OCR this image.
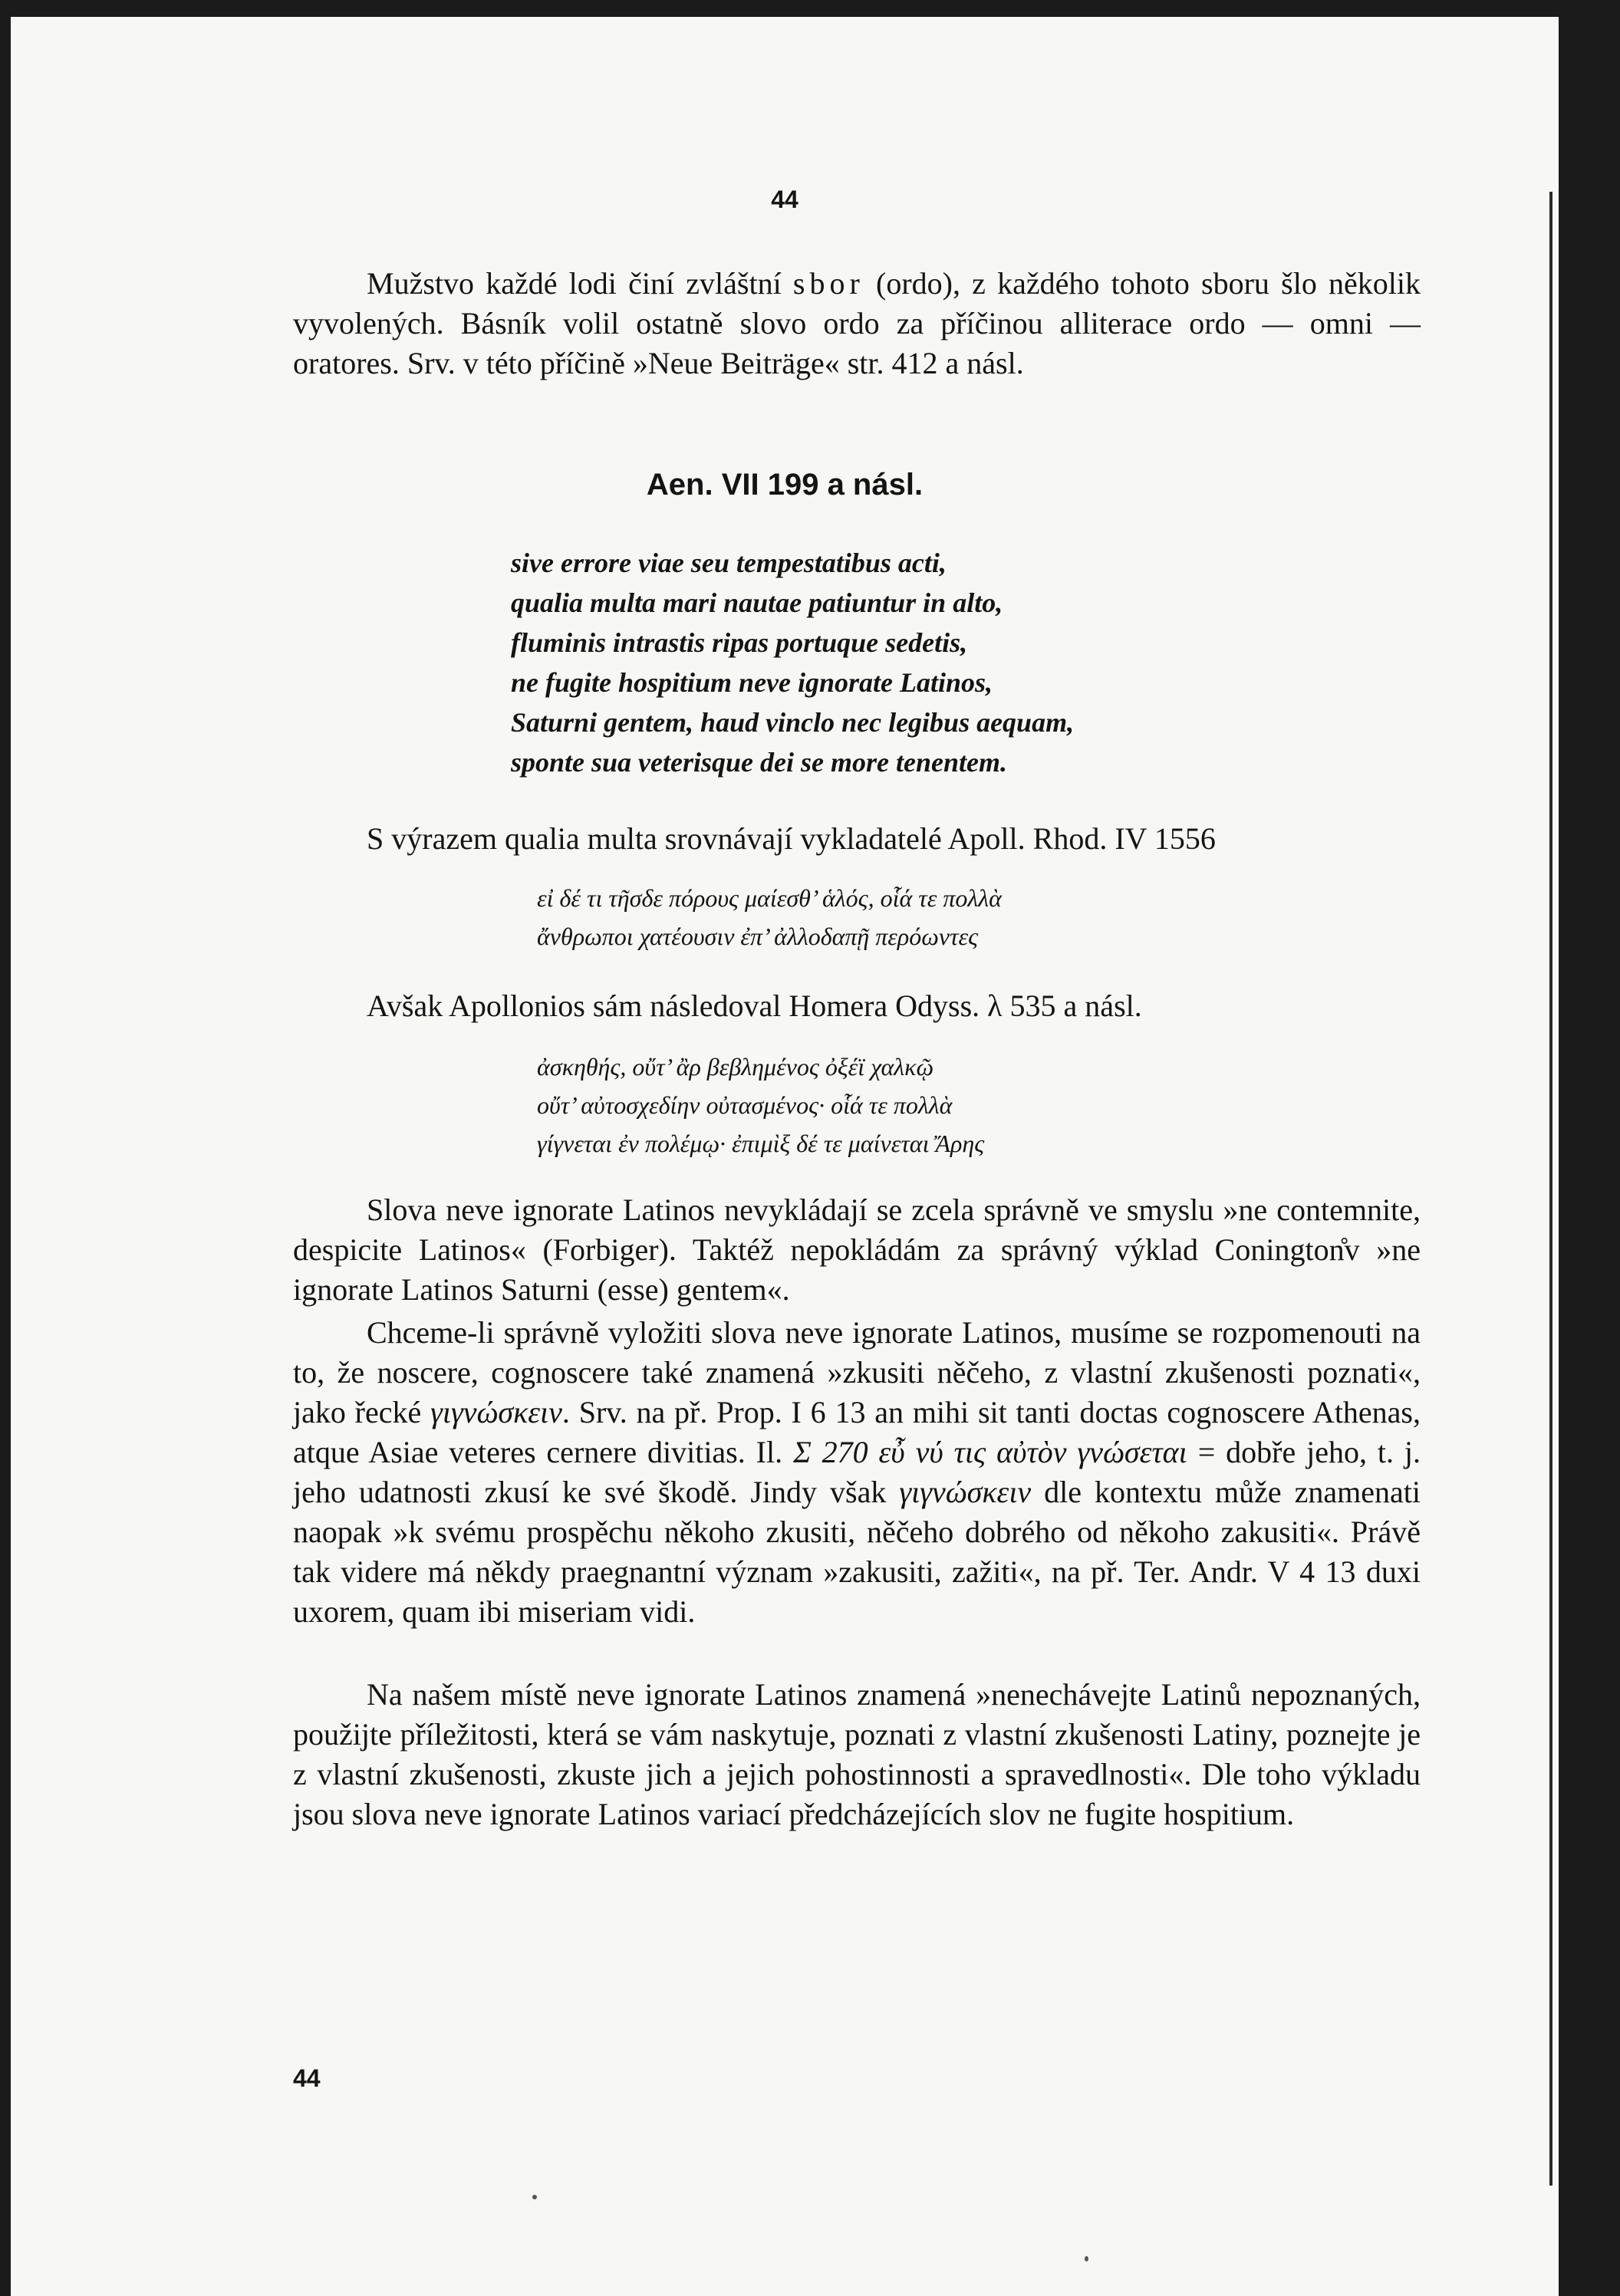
44

Mužstvo každé lodi činí zvláštní sbor (ordo), z každého tohoto sboru šlo několik vyvolených. Básník volil ostatně slovo ordo za příčinou alliterace ordo — omni — oratores. Srv. v této příčině »Neue Beiträge« str. 412 a násl.

Aen. VII 199 a násl.
sive errore viae seu tempestatibus acti,
qualia multa mari nautae patiuntur in alto,
fluminis intrastis ripas portuque sedetis,
ne fugite hospitium neve ignorate Latinos,
Saturni gentem, haud vinclo nec legibus aequam,
sponte sua veterisque dei se more tenentem.

S výrazem qualia multa srovnávají vykladatelé Apoll. Rhod. IV 1556

εἰ δέ τι τῆσδε πόρους μαίεσθ’ ἁλός, οἷά τε πολλὰ
ἄνθρωποι χατέουσιν ἐπ’ ἀλλοδαπῇ περόωντες

Avšak Apollonios sám následoval Homera Odyss. λ 535 a násl.

ἀσκηθής, οὔτ’ ἂρ βεβλημένος ὀξέϊ χαλκῷ
οὔτ’ αὐτοσχεδίην οὐτασμένος· οἷά τε πολλὰ
γίγνεται ἐν πολέμῳ· ἐπιμὶξ δέ τε μαίνεται Ἄρης

Slova neve ignorate Latinos nevykládají se zcela správně ve smyslu »ne contemnite, despicite Latinos« (Forbiger). Taktéž nepokládám za správný výklad Conington̊v »ne ignorate Latinos Saturni (esse) gentem«.

Chceme-li správně vyložiti slova neve ignorate Latinos, musíme se rozpomenouti na to, že noscere, cognoscere také znamená »zkusiti něčeho, z vlastní zkušenosti poznati«, jako řecké γιγνώσκειν. Srv. na př. Prop. I 6 13 an mihi sit tanti doctas cognoscere Athenas, atque Asiae veteres cernere divitias. Il. Σ 270 εὖ νύ τις αὐτὸν γνώσεται = dobře jeho, t. j. jeho udatnosti zkusí ke své škodě. Jindy však γιγνώσκειν dle kontextu může znamenati naopak »k svému prospěchu někoho zkusiti, něčeho dobrého od někoho zakusiti«. Právě tak videre má někdy praegnantní význam »zakusiti, zažiti«, na př. Ter. Andr. V 4 13 duxi uxorem, quam ibi miseriam vidi.

Na našem místě neve ignorate Latinos znamená »nenechávejte Latinů nepoznaných, použijte příležitosti, která se vám naskytuje, poznati z vlastní zkušenosti Latiny, poznejte je z vlastní zkušenosti, zkuste jich a jejich pohostinnosti a spravedlnosti«. Dle toho výkladu jsou slova neve ignorate Latinos variací předcházejících slov ne fugite hospitium.

44
